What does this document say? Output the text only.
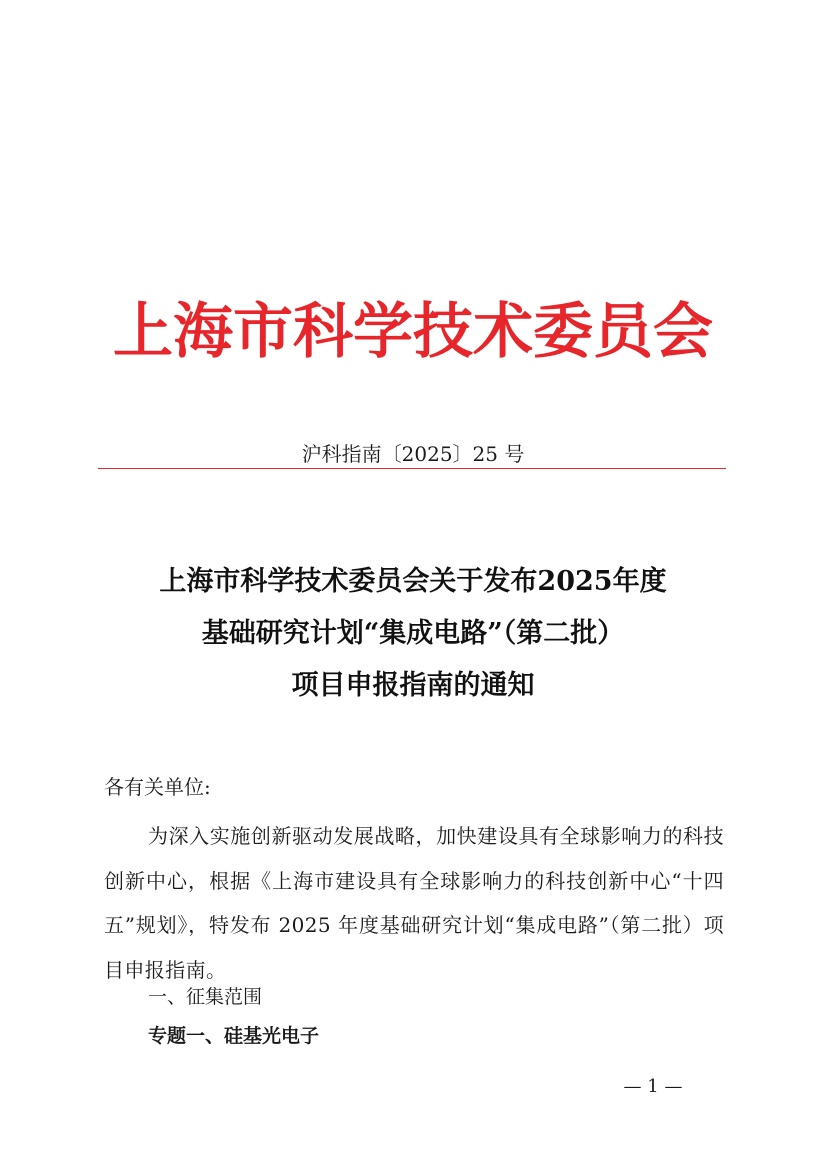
上海市科学技术委员会
沪科指南〔2025〕25 号
上海市科学技术委员会关于发布2025年度
基础研究计划“集成电路”（第二批）
项目申报指南的通知
各有关单位:
为深入实施创新驱动发展战略，加快建设具有全球影响力的科技创新中心，根据《上海市建设具有全球影响力的科技创新中心“十四五”规划》，特发布 2025 年度基础研究计划“集成电路”（第二批）项目申报指南。
一、征集范围
专题一、硅基光电子
— 1 —
